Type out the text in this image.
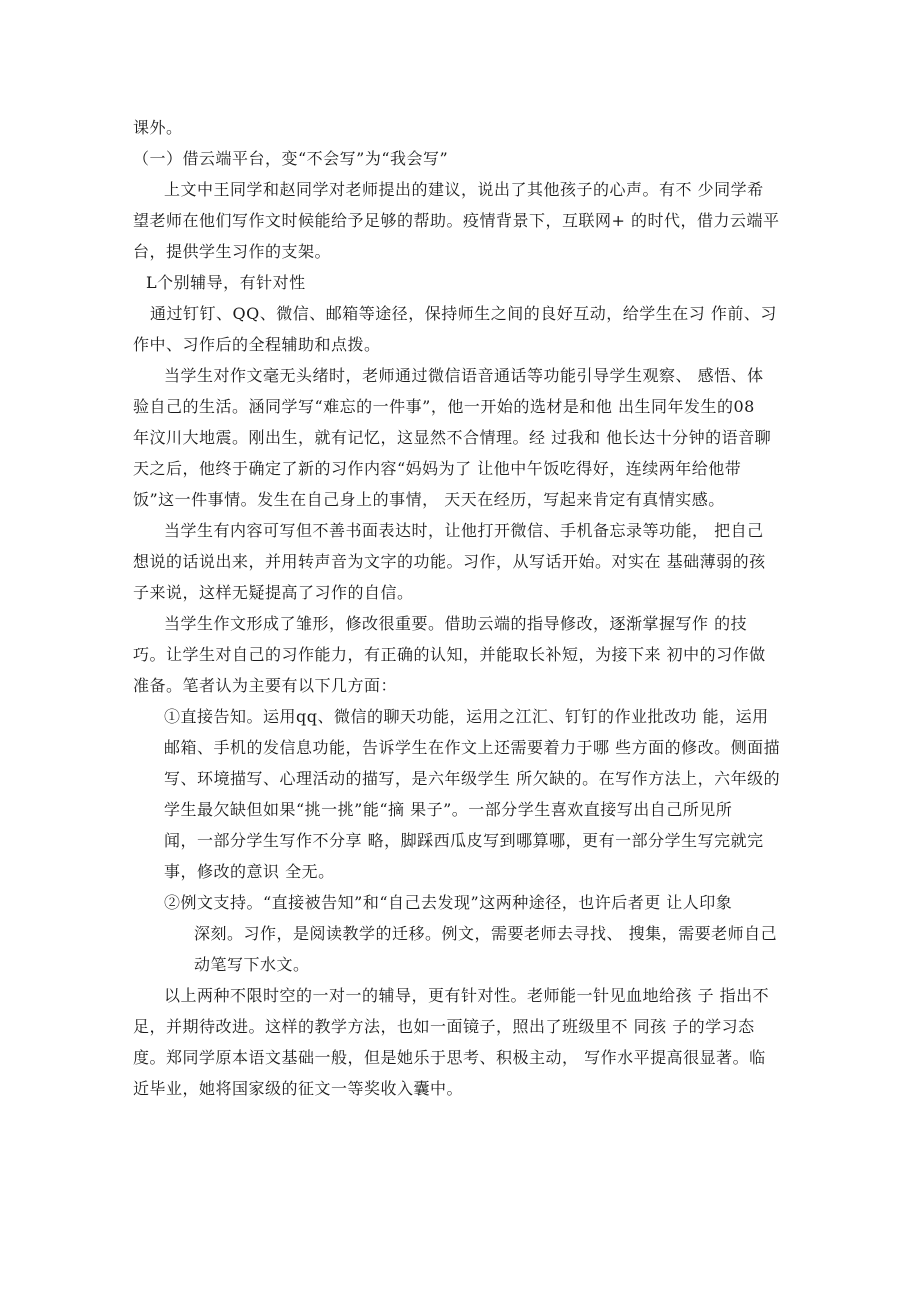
课外。
（一）借云端平台，变“不会写”为“我会写”
上文中王同学和赵同学对老师提出的建议，说出了其他孩子的心声。有不 少同学希
望老师在他们写作文时候能给予足够的帮助。疫情背景下，互联网+ 的时代，借力云端平
台，提供学生习作的支架。
L个别辅导，有针对性
通过钉钉、QQ、微信、邮箱等途径，保持师生之间的良好互动，给学生在习 作前、习
作中、习作后的全程辅助和点拨。
当学生对作文毫无头绪时，老师通过微信语音通话等功能引导学生观察、 感悟、体
验自己的生活。涵同学写“难忘的一件事”，他一开始的选材是和他 出生同年发生的08
年汶川大地震。刚出生，就有记忆，这显然不合情理。经 过我和 他长达十分钟的语音聊
天之后，他终于确定了新的习作内容“妈妈为了 让他中午饭吃得好，连续两年给他带
饭”这一件事情。发生在自己身上的事情， 天天在经历，写起来肯定有真情实感。
当学生有内容可写但不善书面表达时，让他打开微信、手机备忘录等功能， 把自己
想说的话说出来，并用转声音为文字的功能。习作，从写话开始。对实在 基础薄弱的孩
子来说，这样无疑提高了习作的自信。
当学生作文形成了雏形，修改很重要。借助云端的指导修改，逐渐掌握写作 的技
巧。让学生对自己的习作能力，有正确的认知，并能取长补短，为接下来 初中的习作做
准备。笔者认为主要有以下几方面：
①直接告知。运用qq、微信的聊天功能，运用之江汇、钉钉的作业批改功 能，运用
邮箱、手机的发信息功能，告诉学生在作文上还需要着力于哪 些方面的修改。侧面描
写、环境描写、心理活动的描写，是六年级学生 所欠缺的。在写作方法上，六年级的
学生最欠缺但如果“挑一挑”能“摘 果子”。一部分学生喜欢直接写出自己所见所
闻，一部分学生写作不分享 略，脚踩西瓜皮写到哪算哪，更有一部分学生写完就完
事，修改的意识 全无。
②例文支持。“直接被告知”和“自己去发现”这两种途径，也许后者更 让人印象
深刻。习作，是阅读教学的迁移。例文，需要老师去寻找、 搜集，需要老师自己
动笔写下水文。
以上两种不限时空的一对一的辅导，更有针对性。老师能一针见血地给孩 子 指出不
足，并期待改进。这样的教学方法，也如一面镜子，照出了班级里不 同孩 子的学习态
度。郑同学原本语文基础一般，但是她乐于思考、积极主动， 写作水平提高很显著。临
近毕业，她将国家级的征文一等奖收入囊中。
